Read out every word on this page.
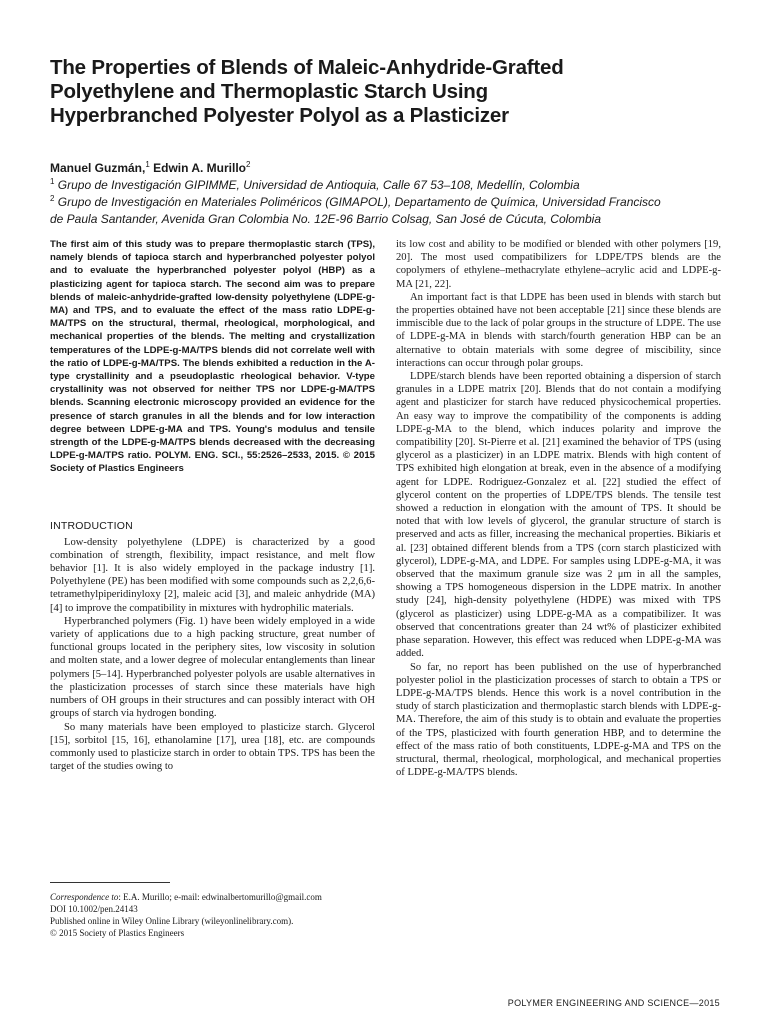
The Properties of Blends of Maleic-Anhydride-Grafted
Polyethylene and Thermoplastic Starch Using
Hyperbranched Polyester Polyol as a Plasticizer
Manuel Guzmán,$^1$ Edwin A. Murillo$^2$
$^1$ Grupo de Investigación GIPIMME, Universidad de Antioquia, Calle 67 53–108, Medellín, Colombia
$^2$ Grupo de Investigación en Materiales Poliméricos (GIMAPOL), Departamento de Química, Universidad Francisco
de Paula Santander, Avenida Gran Colombia No. 12E-96 Barrio Colsag, San José de Cúcuta, Colombia

The first aim of this study was to prepare thermoplastic starch (TPS), namely blends of tapioca starch and hyperbranched polyester polyol and to evaluate the hyperbranched polyester polyol (HBP) as a plasticizing agent for tapioca starch. The second aim was to prepare blends of maleic-anhydride-grafted low-density polyethylene (LDPE-g-MA) and TPS, and to evaluate the effect of the mass ratio LDPE-g-MA/TPS on the structural, thermal, rheological, morphological, and mechanical properties of the blends. The melting and crystallization temperatures of the LDPE-g-MA/TPS blends did not correlate well with the ratio of LDPE-g-MA/TPS. The blends exhibited a reduction in the A-type crystallinity and a pseudoplastic rheological behavior. V-type crystallinity was not observed for neither TPS nor LDPE-g-MA/TPS blends. Scanning electronic microscopy provided an evidence for the presence of starch granules in all the blends and for low interaction degree between LDPE-g-MA and TPS. Young's modulus and tensile strength of the LDPE-g-MA/TPS blends decreased with the decreasing LDPE-g-MA/TPS ratio. POLYM. ENG. SCI., 55:2526–2533, 2015. © 2015 Society of Plastics Engineers

INTRODUCTION

Low-density polyethylene (LDPE) is characterized by a good combination of strength, flexibility, impact resistance, and melt flow behavior [1]. It is also widely employed in the package industry [1]. Polyethylene (PE) has been modified with some compounds such as 2,2,6,6-tetramethylpiperidinyloxy [2], maleic acid [3], and maleic anhydride (MA) [4] to improve the compatibility in mixtures with hydrophilic materials.

Hyperbranched polymers (Fig. 1) have been widely employed in a wide variety of applications due to a high packing structure, great number of functional groups located in the periphery sites, low viscosity in solution and molten state, and a lower degree of molecular entanglements than linear polymers [5–14]. Hyperbranched polyester polyols are usable alternatives in the plasticization processes of starch since these materials have high numbers of OH groups in their structures and can possibly interact with OH groups of starch via hydrogen bonding.

So many materials have been employed to plasticize starch. Glycerol [15], sorbitol [15, 16], ethanolamine [17], urea [18], etc. are compounds commonly used to plasticize starch in order to obtain TPS. TPS has been the target of the studies owing to

its low cost and ability to be modified or blended with other polymers [19, 20]. The most used compatibilizers for LDPE/TPS blends are the copolymers of ethylene–methacrylate ethylene–acrylic acid and LDPE-g-MA [21, 22].

An important fact is that LDPE has been used in blends with starch but the properties obtained have not been acceptable [21] since these blends are immiscible due to the lack of polar groups in the structure of LDPE. The use of LDPE-g-MA in blends with starch/fourth generation HBP can be an alternative to obtain materials with some degree of miscibility, since interactions can occur through polar groups.

LDPE/starch blends have been reported obtaining a dispersion of starch granules in a LDPE matrix [20]. Blends that do not contain a modifying agent and plasticizer for starch have reduced physicochemical properties. An easy way to improve the compatibility of the components is adding LDPE-g-MA to the blend, which induces polarity and improve the compatibility [20]. St-Pierre et al. [21] examined the behavior of TPS (using glycerol as a plasticizer) in an LDPE matrix. Blends with high content of TPS exhibited high elongation at break, even in the absence of a modifying agent for LDPE. Rodriguez-Gonzalez et al. [22] studied the effect of glycerol content on the properties of LDPE/TPS blends. The tensile test showed a reduction in elongation with the amount of TPS. It should be noted that with low levels of glycerol, the granular structure of starch is preserved and acts as filler, increasing the mechanical properties. Bikiaris et al. [23] obtained different blends from a TPS (corn starch plasticized with glycerol), LDPE-g-MA, and LDPE. For samples using LDPE-g-MA, it was observed that the maximum granule size was 2 μm in all the samples, showing a TPS homogeneous dispersion in the LDPE matrix. In another study [24], high-density polyethylene (HDPE) was mixed with TPS (glycerol as plasticizer) using LDPE-g-MA as a compatibilizer. It was observed that concentrations greater than 24 wt% of plasticizer exhibited phase separation. However, this effect was reduced when LDPE-g-MA was added.

So far, no report has been published on the use of hyperbranched polyester poliol in the plasticization processes of starch to obtain a TPS or LDPE-g-MA/TPS blends. Hence this work is a novel contribution in the study of starch plasticization and thermoplastic starch blends with LDPE-g-MA. Therefore, the aim of this study is to obtain and evaluate the properties of the TPS, plasticized with fourth generation HBP, and to determine the effect of the mass ratio of both constituents, LDPE-g-MA and TPS on the structural, thermal, rheological, morphological, and mechanical properties of LDPE-g-MA/TPS blends.

Correspondence to: E.A. Murillo; e-mail: edwinalbertomurillo@gmail.com
DOI 10.1002/pen.24143
Published online in Wiley Online Library (wileyonlinelibrary.com).
© 2015 Society of Plastics Engineers
POLYMER ENGINEERING AND SCIENCE—2015
